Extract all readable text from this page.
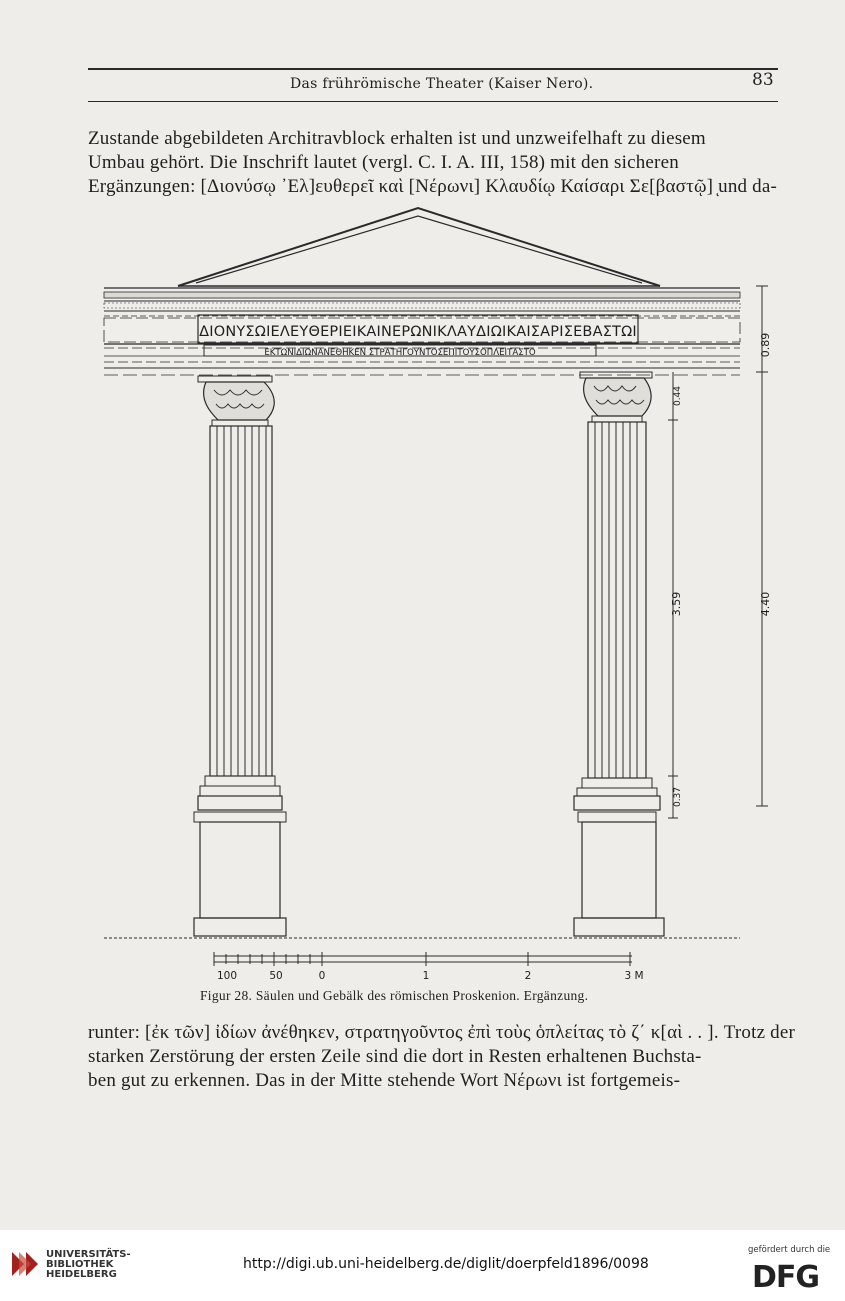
Das frührömische Theater (Kaiser Nero).	83
Zustande abgebildeten Architravblock erhalten ist und unzweifelhaft zu diesem
Umbau gehört. Die Inschrift lautet (vergl. C. I. A. III, 158) mit den sicheren
Ergänzungen: [Διονύσῳ ᾿Ελ]ευθερεῖ καὶ [Νέρωνι] Κλαυδίῳ Καίσαρι Σε[βαστῷ] ͅund da-
ΔΙΟΝΥΣΩΙΕΛΕΥΘΕΡΙΕΙΚΑΙΝΕΡΩΝΙΚΛΑΥΔΙΩΙΚΑΙΣΑΡΙΣΕΒΑΣΤΩΙ
ΕΚΤΩΝΙΔΙΩΝΑΝΕΘΗΚΕΝ ΣΤΡΑΤΗΓΟΥΝΤΟΣΕΠΙΤΟΥΣΟΠΛΕΙΤΑΣΤΟ	0.89
0.44
3.59	4.40
0.37
100	50	0	1	2	3 M
Figur 28. Säulen und Gebälk des römischen Proskenion. Ergänzung.
runter: [ἐκ τῶν] ἰδίων ἀνέθηκεν, στρατηγοῦντος ἐπὶ τοὺς ὁπλείτας τὸ ζ΄ κ[αὶ . . ]. Trotz der
starken Zerstörung der ersten Zeile sind die dort in Resten erhaltenen Buchsta-
ben gut zu erkennen. Das in der Mitte stehende Wort Νέρωνι ist fortgemeis-
UNIVERSITÄTS-
BIBLIOTHEK
HEIDELBERG
http://digi.ub.uni-heidelberg.de/diglit/doerpfeld1896/0098
gefördert durch die
DFG
